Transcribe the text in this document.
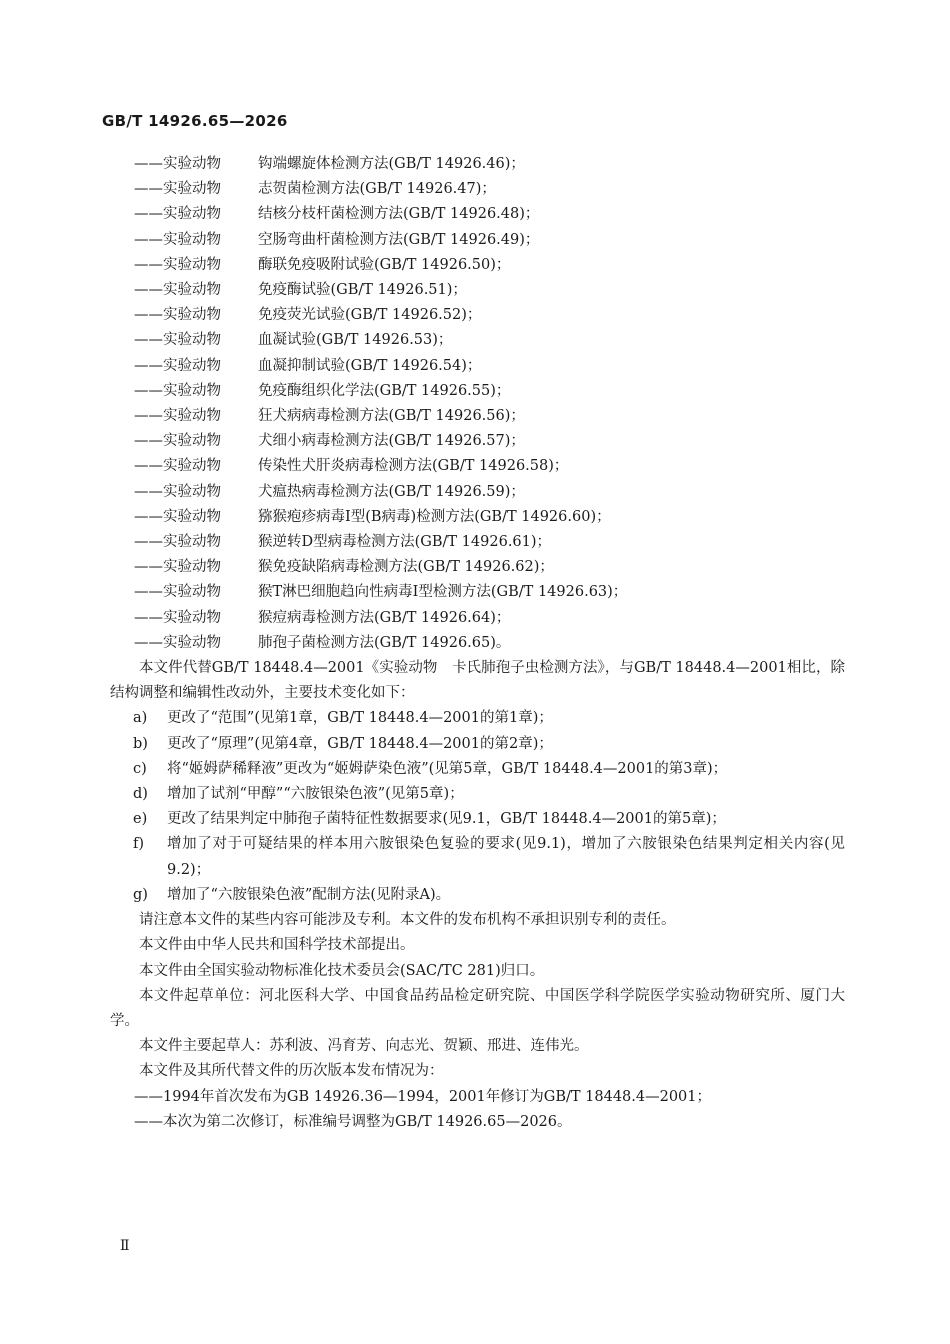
GB/T 14926.65—2026
——实验动物	钩端螺旋体检测方法(GB/T 14926.46)；
——实验动物	志贺菌检测方法(GB/T 14926.47)；
——实验动物	结核分枝杆菌检测方法(GB/T 14926.48)；
——实验动物	空肠弯曲杆菌检测方法(GB/T 14926.49)；
——实验动物	酶联免疫吸附试验(GB/T 14926.50)；
——实验动物	免疫酶试验(GB/T 14926.51)；
——实验动物	免疫荧光试验(GB/T 14926.52)；
——实验动物	血凝试验(GB/T 14926.53)；
——实验动物	血凝抑制试验(GB/T 14926.54)；
——实验动物	免疫酶组织化学法(GB/T 14926.55)；
——实验动物	狂犬病病毒检测方法(GB/T 14926.56)；
——实验动物	犬细小病毒检测方法(GB/T 14926.57)；
——实验动物	传染性犬肝炎病毒检测方法(GB/T 14926.58)；
——实验动物	犬瘟热病毒检测方法(GB/T 14926.59)；
——实验动物	猕猴疱疹病毒Ⅰ型(B病毒)检测方法(GB/T 14926.60)；
——实验动物	猴逆转D型病毒检测方法(GB/T 14926.61)；
——实验动物	猴免疫缺陷病毒检测方法(GB/T 14926.62)；
——实验动物	猴T淋巴细胞趋向性病毒Ⅰ型检测方法(GB/T 14926.63)；
——实验动物	猴痘病毒检测方法(GB/T 14926.64)；
——实验动物	肺孢子菌检测方法(GB/T 14926.65)。
本文件代替GB/T 18448.4—2001《实验动物　卡氏肺孢子虫检测方法》，与GB/T 18448.4—2001相比，除结构调整和编辑性改动外，主要技术变化如下：
a) 更改了“范围”(见第1章，GB/T 18448.4—2001的第1章)；
b) 更改了“原理”(见第4章，GB/T 18448.4—2001的第2章)；
c) 将“姬姆萨稀释液”更改为“姬姆萨染色液”(见第5章，GB/T 18448.4—2001的第3章)；
d) 增加了试剂“甲醇”“六胺银染色液”(见第5章)；
e) 更改了结果判定中肺孢子菌特征性数据要求(见9.1，GB/T 18448.4—2001的第5章)；
f) 增加了对于可疑结果的样本用六胺银染色复验的要求(见9.1)，增加了六胺银染色结果判定相关内容(见9.2)；
g) 增加了“六胺银染色液”配制方法(见附录A)。
请注意本文件的某些内容可能涉及专利。本文件的发布机构不承担识别专利的责任。
本文件由中华人民共和国科学技术部提出。
本文件由全国实验动物标准化技术委员会(SAC/TC 281)归口。
本文件起草单位：河北医科大学、中国食品药品检定研究院、中国医学科学院医学实验动物研究所、厦门大学。
本文件主要起草人：苏利波、冯育芳、向志光、贺颖、邢进、连伟光。
本文件及其所代替文件的历次版本发布情况为：
——1994年首次发布为GB 14926.36—1994，2001年修订为GB/T 18448.4—2001；
——本次为第二次修订，标准编号调整为GB/T 14926.65—2026。
Ⅱ
